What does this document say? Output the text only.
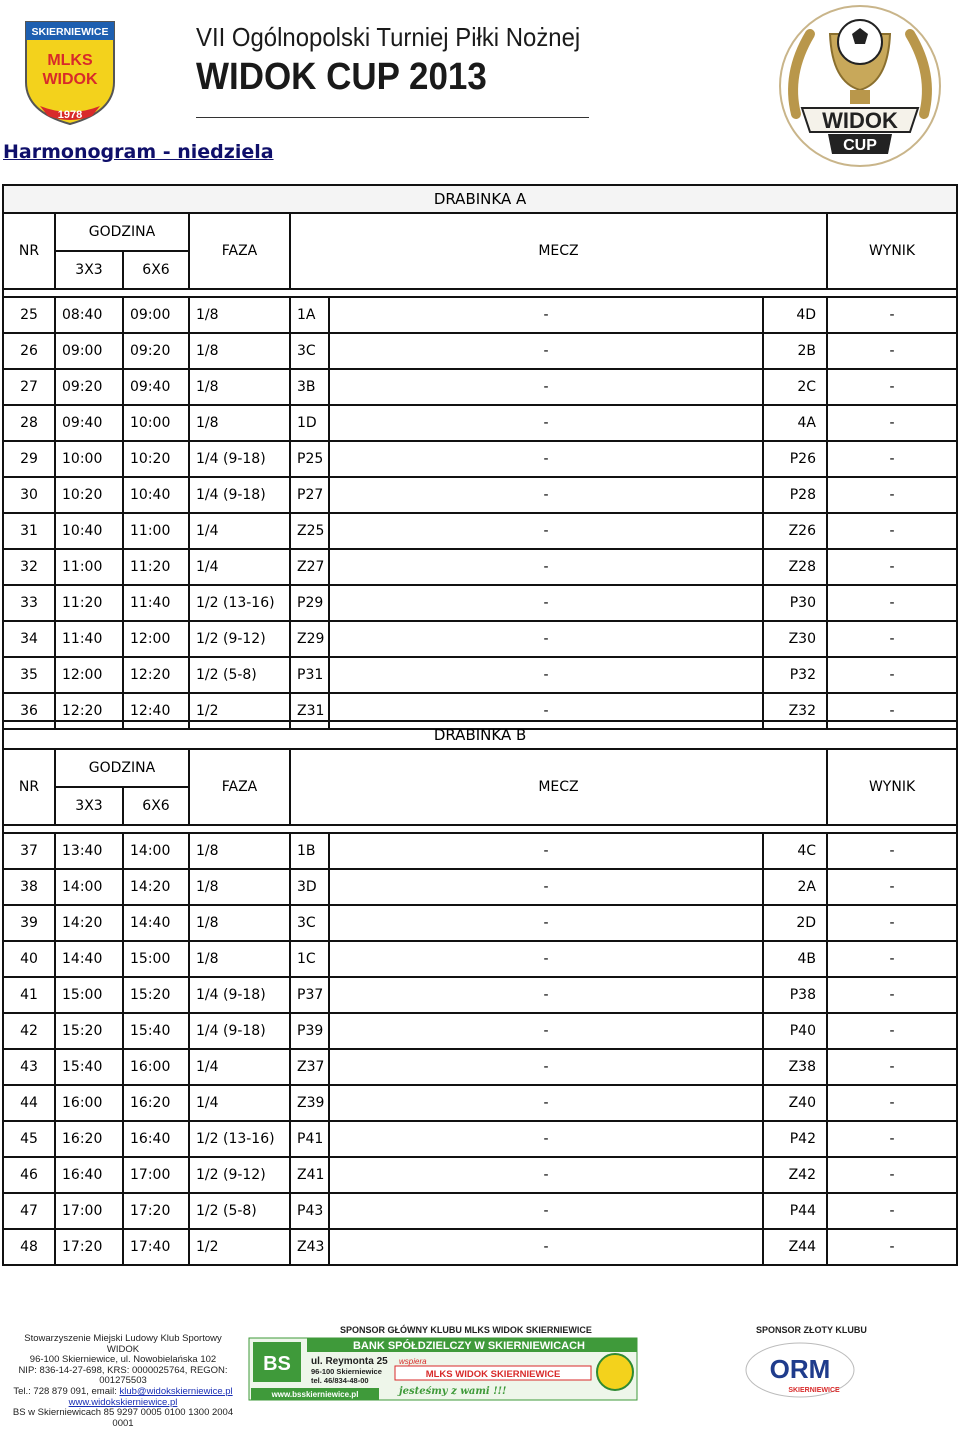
SKIERNIEWICE
MLKS
WIDOK
1978
VII Ogólnopolski Turniej Piłki Nożnej
WIDOK CUP 2013
WIDOK
CUP
Harmonogram - niedziela
DRABINKA A							
NR	GODZINA		FAZA	MECZ			WYNIK
	3X3	6X6					

25	08:40	09:00	1/8	1A	-	4D	-
26	09:00	09:20	1/8	3C	-	2B	-
27	09:20	09:40	1/8	3B	-	2C	-
28	09:40	10:00	1/8	1D	-	4A	-
29	10:00	10:20	1/4 (9-18)	P25	-	P26	-
30	10:20	10:40	1/4 (9-18)	P27	-	P28	-
31	10:40	11:00	1/4	Z25	-	Z26	-
32	11:00	11:20	1/4	Z27	-	Z28	-
33	11:20	11:40	1/2 (13-16)	P29	-	P30	-
34	11:40	12:00	1/2 (9-12)	Z29	-	Z30	-
35	12:00	12:20	1/2 (5-8)	P31	-	P32	-
36	12:20	12:40	1/2	Z31	-	Z32	-
DRABINKA B							
NR	GODZINA		FAZA	MECZ			WYNIK
	3X3	6X6					

37	13:40	14:00	1/8	1B	-	4C	-
38	14:00	14:20	1/8	3D	-	2A	-
39	14:20	14:40	1/8	3C	-	2D	-
40	14:40	15:00	1/8	1C	-	4B	-
41	15:00	15:20	1/4 (9-18)	P37	-	P38	-
42	15:20	15:40	1/4 (9-18)	P39	-	P40	-
43	15:40	16:00	1/4	Z37	-	Z38	-
44	16:00	16:20	1/4	Z39	-	Z40	-
45	16:20	16:40	1/2 (13-16)	P41	-	P42	-
46	16:40	17:00	1/2 (9-12)	Z41	-	Z42	-
47	17:00	17:20	1/2 (5-8)	P43	-	P44	-
48	17:20	17:40	1/2	Z43	-	Z44	-
Stowarzyszenie Miejski Ludowy Klub Sportowy WIDOK
96-100 Skierniewice, ul. Nowobielańska 102
NIP: 836-14-27-698, KRS: 0000025764, REGON: 001275503
Tel.: 728 879 091, email: klub@widokskierniewice.pl
www.widokskierniewice.pl
BS w Skierniewicach 85 9297 0005 0100 1300 2004 0001
SPONSOR GŁÓWNY KLUBU MLKS WIDOK SKIERNIEWICE	SPONSOR ZŁOTY KLUBU
BANK SPÓŁDZIELCZY W SKIERNIEWICACH
BS ul. Reymonta 25
96-100 Skierniewice
tel. 46/834-48-00
wspiera
MLKS WIDOK SKIERNIEWICE
jesteśmy z wami !!!
www.bsskierniewice.pl
ORM
SKIERNIEWICE
